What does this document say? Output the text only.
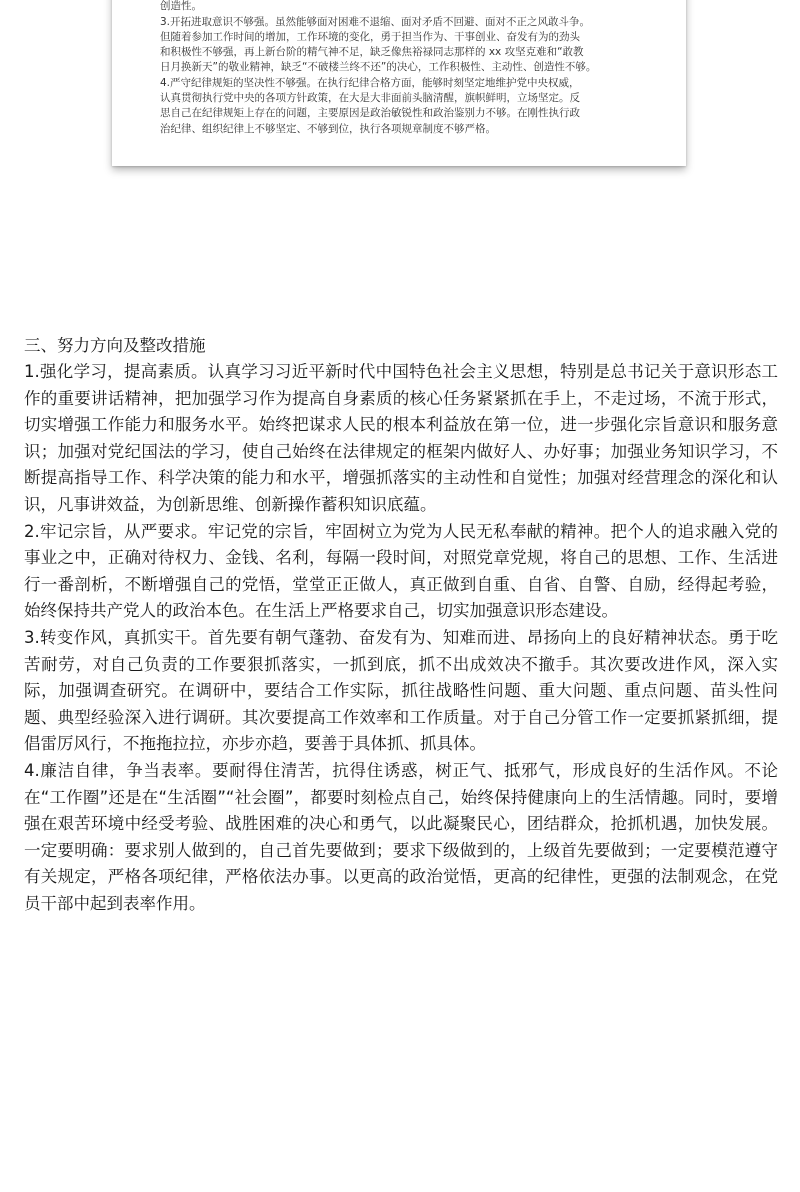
创造性。

3.开拓进取意识不够强。虽然能够面对困难不退缩、面对矛盾不回避、面对不正之风敢斗争。

但随着参加工作时间的增加，工作环境的变化，勇于担当作为、干事创业、奋发有为的劲头

和积极性不够强，再上新台阶的精气神不足，缺乏像焦裕禄同志那样的 xx 攻坚克难和“敢教

日月换新天”的敬业精神，缺乏“不破楼兰终不还”的决心，工作积极性、主动性、创造性不够。

4.严守纪律规矩的坚决性不够强。在执行纪律合格方面，能够时刻坚定地维护党中央权威，

认真贯彻执行党中央的各项方针政策，在大是大非面前头脑清醒，旗帜鲜明，立场坚定。反

思自己在纪律规矩上存在的问题，主要原因是政治敏锐性和政治鉴别力不够。在刚性执行政

治纪律、组织纪律上不够坚定、不够到位，执行各项规章制度不够严格。

三、努力方向及整改措施

1.强化学习，提高素质。认真学习习近平新时代中国特色社会主义思想，特别是总书记关于意识形态工作的重要讲话精神，把加强学习作为提高自身素质的核心任务紧紧抓在手上，不走过场，不流于形式，切实增强工作能力和服务水平。始终把谋求人民的根本利益放在第一位，进一步强化宗旨意识和服务意识；加强对党纪国法的学习，使自己始终在法律规定的框架内做好人、办好事；加强业务知识学习，不断提高指导工作、科学决策的能力和水平，增强抓落实的主动性和自觉性；加强对经营理念的深化和认识，凡事讲效益，为创新思维、创新操作蓄积知识底蕴。

2.牢记宗旨，从严要求。牢记党的宗旨，牢固树立为党为人民无私奉献的精神。把个人的追求融入党的事业之中，正确对待权力、金钱、名利，每隔一段时间，对照党章党规，将自己的思想、工作、生活进行一番剖析，不断增强自己的党悟，堂堂正正做人，真正做到自重、自省、自警、自励，经得起考验，始终保持共产党人的政治本色。在生活上严格要求自己，切实加强意识形态建设。

3.转变作风，真抓实干。首先要有朝气蓬勃、奋发有为、知难而进、昂扬向上的良好精神状态。勇于吃苦耐劳，对自己负责的工作要狠抓落实，一抓到底，抓不出成效决不撤手。其次要改进作风，深入实际，加强调查研究。在调研中，要结合工作实际，抓往战略性问题、重大问题、重点问题、苗头性问题、典型经验深入进行调研。其次要提高工作效率和工作质量。对于自己分管工作一定要抓紧抓细，提倡雷厉风行，不拖拖拉拉，亦步亦趋，要善于具体抓、抓具体。

4.廉洁自律，争当表率。要耐得住清苦，抗得住诱惑，树正气、抵邪气，形成良好的生活作风。不论在“工作圈”还是在“生活圈”“社会圈”，都要时刻检点自己，始终保持健康向上的生活情趣。同时，要增强在艰苦环境中经受考验、战胜困难的决心和勇气，以此凝聚民心，团结群众，抢抓机遇，加快发展。一定要明确：要求别人做到的，自己首先要做到；要求下级做到的，上级首先要做到；一定要模范遵守有关规定，严格各项纪律，严格依法办事。以更高的政治觉悟，更高的纪律性，更强的法制观念，在党员干部中起到表率作用。
